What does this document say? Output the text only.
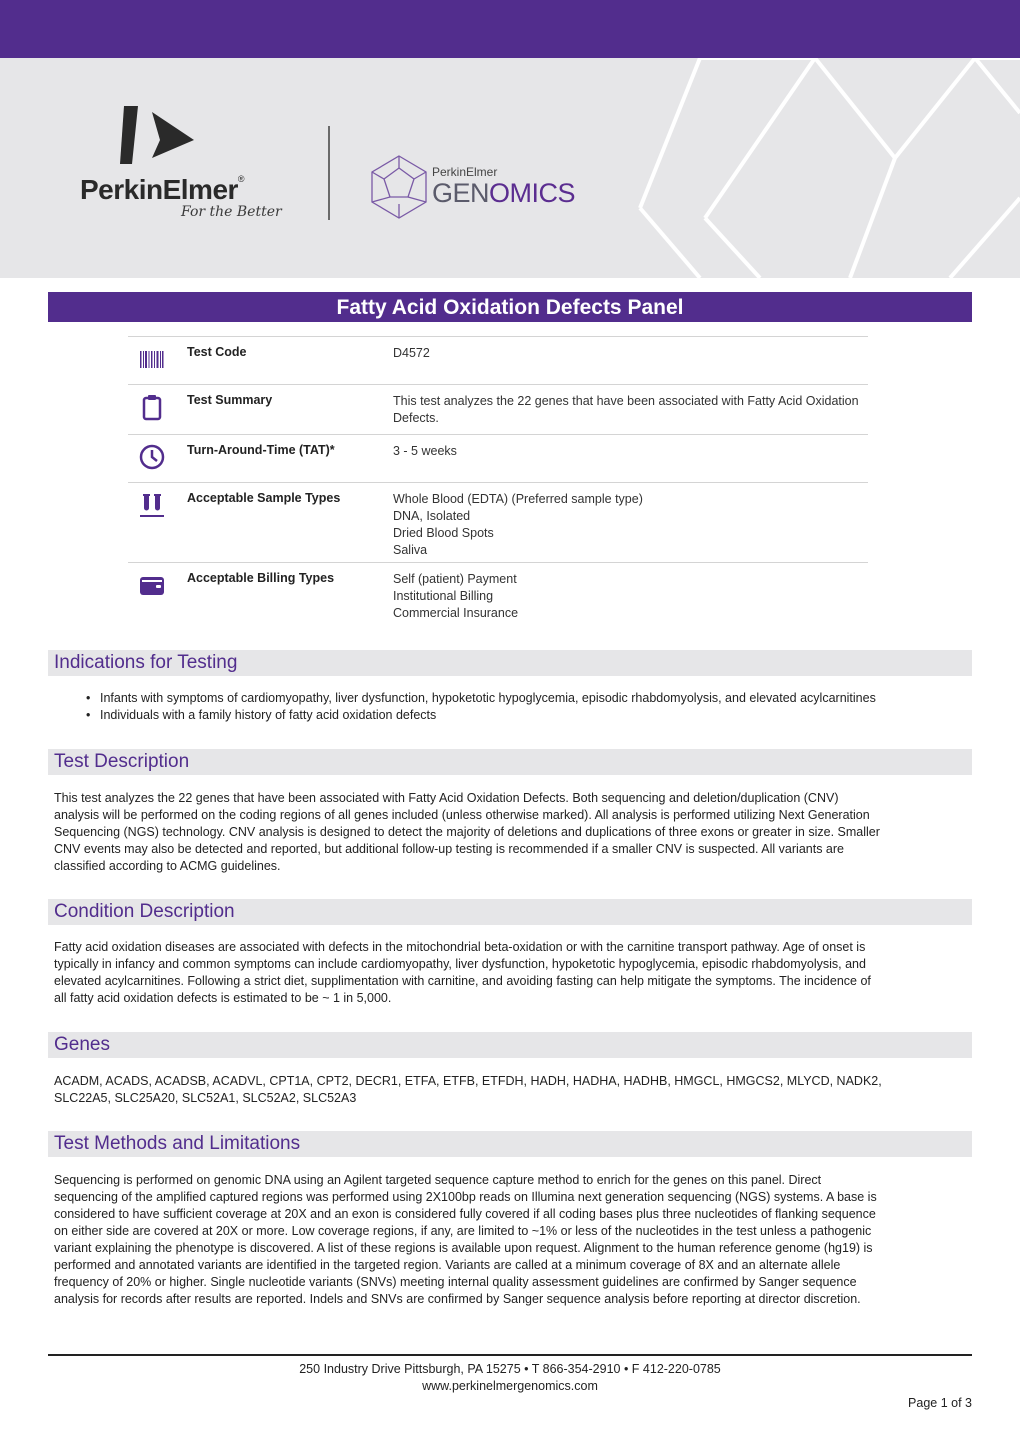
PerkinElmer®
For the Better
PerkinElmer
GENOMICS
Fatty Acid Oxidation Defects Panel
Test Code	D4572
Test Summary	This test analyzes the 22 genes that have been associated with Fatty Acid Oxidation Defects.
Turn-Around-Time (TAT)*	3 - 5 weeks
Acceptable Sample Types	Whole Blood (EDTA) (Preferred sample type)
DNA, Isolated
Dried Blood Spots
Saliva
Acceptable Billing Types	Self (patient) Payment
Institutional Billing
Commercial Insurance
Indications for Testing
• Infants with symptoms of cardiomyopathy, liver dysfunction, hypoketotic hypoglycemia, episodic rhabdomyolysis, and elevated acylcarnitines
• Individuals with a family history of fatty acid oxidation defects
Test Description
This test analyzes the 22 genes that have been associated with Fatty Acid Oxidation Defects. Both sequencing and deletion/duplication (CNV)
analysis will be performed on the coding regions of all genes included (unless otherwise marked). All analysis is performed utilizing Next Generation
Sequencing (NGS) technology. CNV analysis is designed to detect the majority of deletions and duplications of three exons or greater in size. Smaller
CNV events may also be detected and reported, but additional follow-up testing is recommended if a smaller CNV is suspected. All variants are
classified according to ACMG guidelines.
Condition Description
Fatty acid oxidation diseases are associated with defects in the mitochondrial beta-oxidation or with the carnitine transport pathway. Age of onset is
typically in infancy and common symptoms can include cardiomyopathy, liver dysfunction, hypoketotic hypoglycemia, episodic rhabdomyolysis, and
elevated acylcarnitines. Following a strict diet, supplimentation with carnitine, and avoiding fasting can help mitigate the symptoms. The incidence of
all fatty acid oxidation defects is estimated to be ~ 1 in 5,000.
Genes
ACADM, ACADS, ACADSB, ACADVL, CPT1A, CPT2, DECR1, ETFA, ETFB, ETFDH, HADH, HADHA, HADHB, HMGCL, HMGCS2, MLYCD, NADK2,
SLC22A5, SLC25A20, SLC52A1, SLC52A2, SLC52A3
Test Methods and Limitations
Sequencing is performed on genomic DNA using an Agilent targeted sequence capture method to enrich for the genes on this panel. Direct
sequencing of the amplified captured regions was performed using 2X100bp reads on Illumina next generation sequencing (NGS) systems. A base is
considered to have sufficient coverage at 20X and an exon is considered fully covered if all coding bases plus three nucleotides of flanking sequence
on either side are covered at 20X or more. Low coverage regions, if any, are limited to ~1% or less of the nucleotides in the test unless a pathogenic
variant explaining the phenotype is discovered. A list of these regions is available upon request. Alignment to the human reference genome (hg19) is
performed and annotated variants are identified in the targeted region. Variants are called at a minimum coverage of 8X and an alternate allele
frequency of 20% or higher. Single nucleotide variants (SNVs) meeting internal quality assessment guidelines are confirmed by Sanger sequence
analysis for records after results are reported. Indels and SNVs are confirmed by Sanger sequence analysis before reporting at director discretion.
250 Industry Drive Pittsburgh, PA 15275 • T 866-354-2910 • F 412-220-0785
www.perkinelmergenomics.com
Page 1 of 3
